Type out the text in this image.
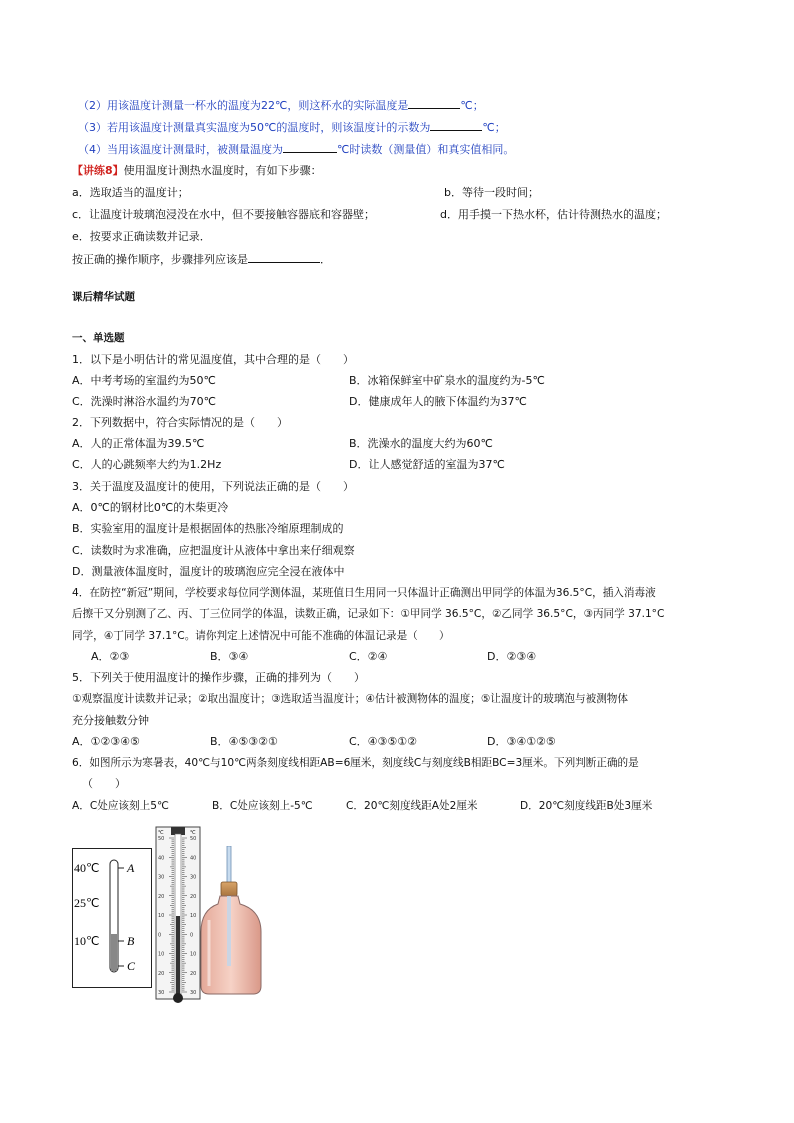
（2）用该温度计测量一杯水的温度为22℃，则这杯水的实际温度是	℃；
（3）若用该温度计测量真实温度为50℃的温度时，则该温度计的示数为	℃；
（4）当用该温度计测量时，被测量温度为	℃时读数（测量值）和真实值相同。
【讲练8】使用温度计测热水温度时，有如下步骤：
a．选取适当的温度计；	b．等待一段时间；
c．让温度计玻璃泡浸没在水中，但不要接触容器底和容器壁；	d．用手摸一下热水杯，估计待测热水的温度；
e．按要求正确读数并记录．
按正确的操作顺序，步骤排列应该是	．
课后精华试题
一、单选题
1．以下是小明估计的常见温度值，其中合理的是（　　）
A．中考考场的室温约为50℃	B．冰箱保鲜室中矿泉水的温度约为-5℃
C．洗澡时淋浴水温约为70℃	D．健康成年人的腋下体温约为37℃
2．下列数据中，符合实际情况的是（　　）
A．人的正常体温为39.5℃	B．洗澡水的温度大约为60℃
C．人的心跳频率大约为1.2Hz	D．让人感觉舒适的室温为37℃
3．关于温度及温度计的使用，下列说法正确的是（　　）
A．0℃的钢材比0℃的木柴更冷
B．实验室用的温度计是根据固体的热胀冷缩原理制成的
C．读数时为求准确，应把温度计从液体中拿出来仔细观察
D．测量液体温度时，温度计的玻璃泡应完全浸在液体中
4．在防控“新冠”期间，学校要求每位同学测体温，某班值日生用同一只体温计正确测出甲同学的体温为36.5°C，插入消毒液
后擦干又分别测了乙、丙、丁三位同学的体温，读数正确，记录如下：①甲同学 36.5°C，②乙同学 36.5°C，③丙同学 37.1°C
同学，④丁同学 37.1°C。请你判定上述情况中可能不准确的体温记录是（　　）
A．②③	B．③④	C．②④	D．②③④
5．下列关于使用温度计的操作步骤，正确的排列为（　　）
①观察温度计读数并记录；②取出温度计；③选取适当温度计；④估计被测物体的温度；⑤让温度计的玻璃泡与被测物体
充分接触数分钟
A．①②③④⑤	B．④⑤③②①	C．④③⑤①②	D．③④①②⑤
6．如图所示为寒暑表，40℃与10℃两条刻度线相距AB=6厘米，刻度线C与刻度线B相距BC=3厘米。下列判断正确的是
（　　）
A．C处应该刻上5℃	B．C处应该刻上-5℃	C．20℃刻度线距A处2厘米	D．20℃刻度线距B处3厘米
40℃
25℃
10℃
A
B
C
℃	℃
50
40
30
20
10
0
10
20
30
50
40
30
20
10
0
10
20
30
